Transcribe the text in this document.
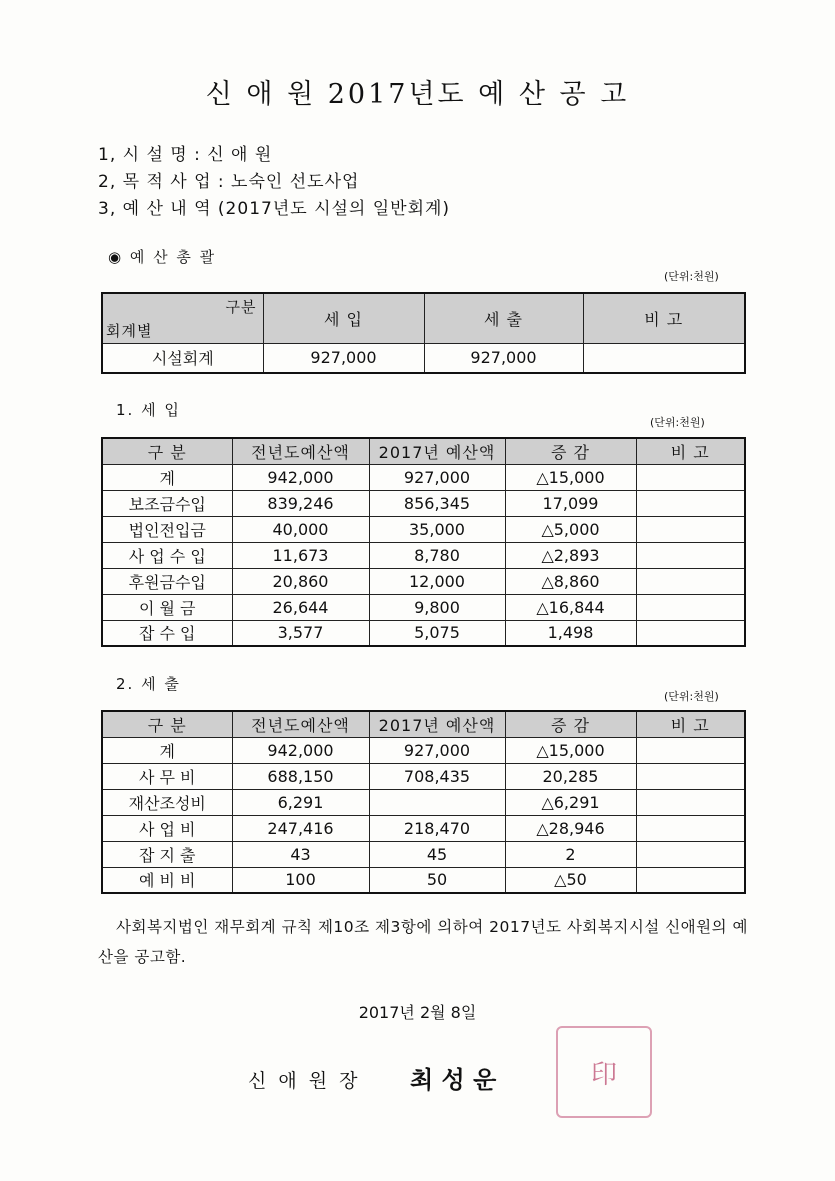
신 애 원 2017년도 예 산 공 고
1, 시 설 명 : 신 애 원
2, 목 적 사 업 : 노숙인 선도사업
3, 예 산 내 역 (2017년도 시설의 일반회계)
◉ 예 산 총 괄
(단위:천원)
구분
회계별	세 입	세 출	비 고
시설회계	927,000	927,000	
1. 세 입
(단위:천원)
구 분	전년도예산액	2017년 예산액	증 감	비 고
계	942,000	927,000	△15,000	
보조금수입	839,246	856,345	17,099	
법인전입금	40,000	35,000	△5,000	
사 업 수 입	11,673	8,780	△2,893	
후원금수입	20,860	12,000	△8,860	
이 월 금	26,644	9,800	△16,844	
잡 수 입	3,577	5,075	1,498	
2. 세 출
(단위:천원)
구 분	전년도예산액	2017년 예산액	증 감	비 고
계	942,000	927,000	△15,000	
사 무 비	688,150	708,435	20,285	
재산조성비	6,291		△6,291	
사 업 비	247,416	218,470	△28,946	
잡 지 출	43	45	2	
예 비 비	100	50	△50	
사회복지법인 재무회계 규칙 제10조 제3항에 의하여 2017년도 사회복지시설 신애원의 예산을 공고함.
2017년 2월 8일
신 애 원 장 최 성 운	印
